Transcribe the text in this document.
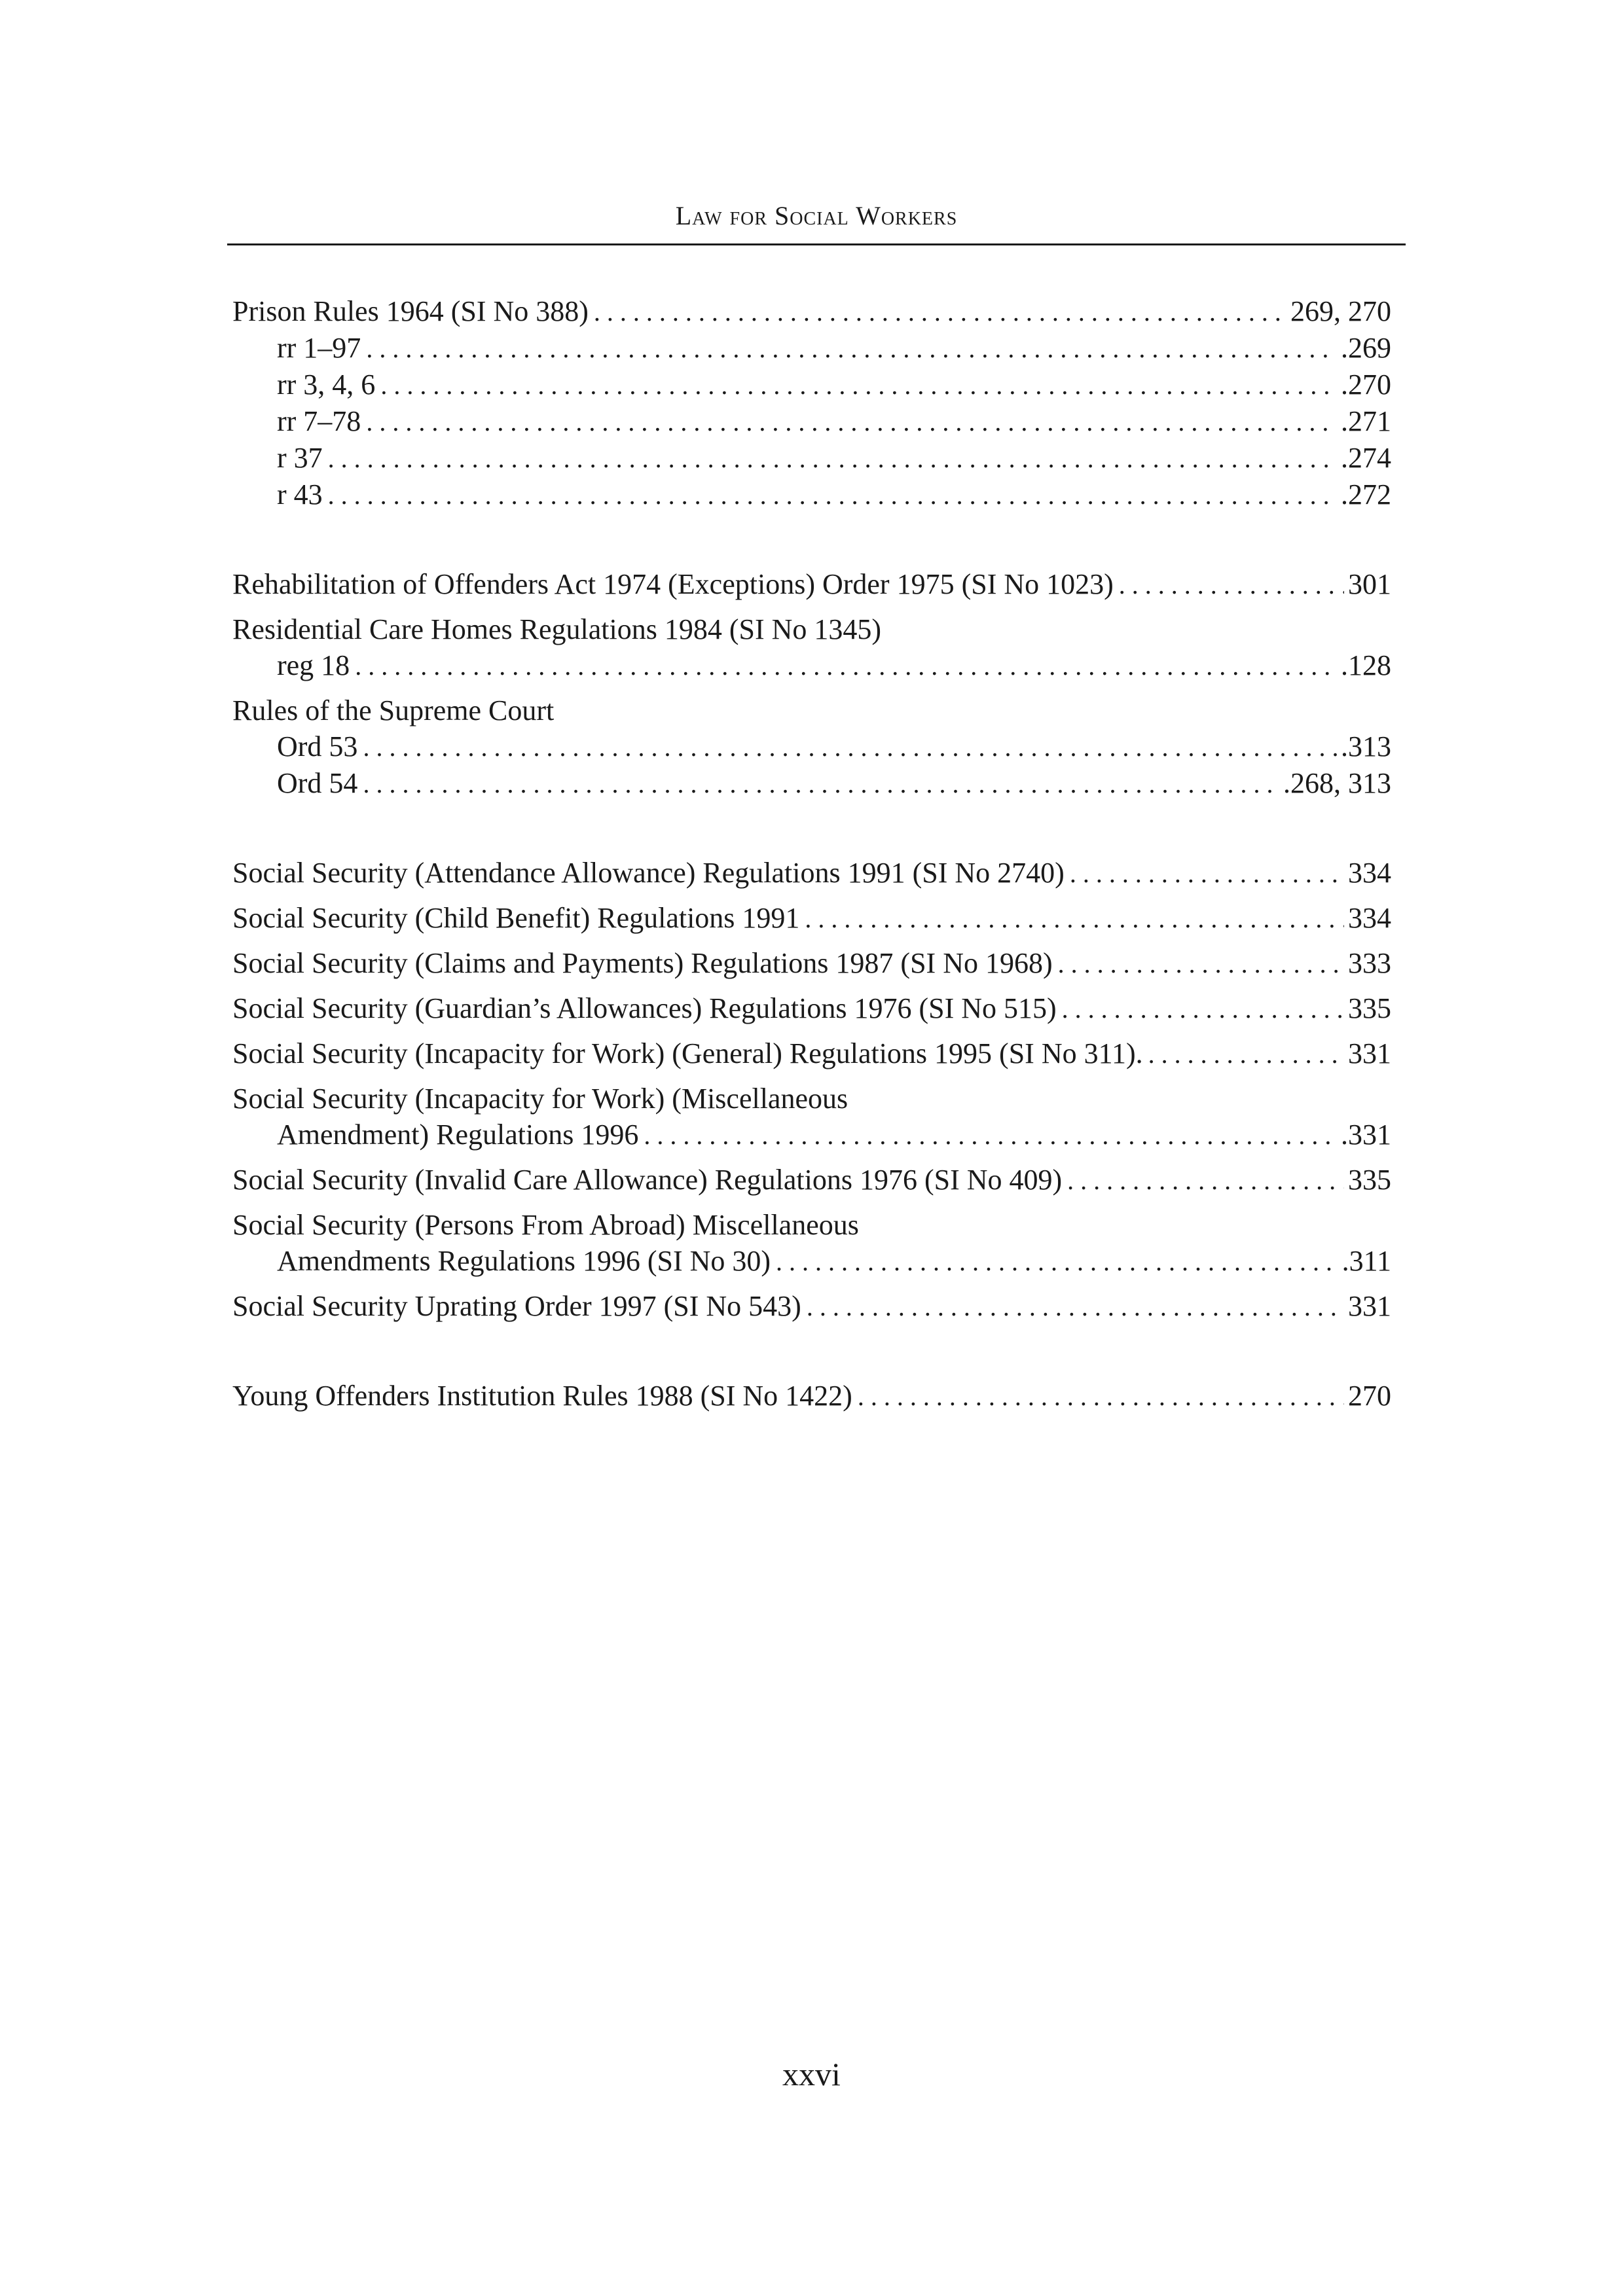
Law for Social Workers
Prison Rules 1964 (SI No 388) . . .	269, 270
rr 1–97 . . .	.269
rr 3, 4, 6 . . .	.270
rr 7–78 . . .	.271
r 37 . . .	.274
r 43 . . .	.272
Rehabilitation of Offenders Act 1974 (Exceptions) Order 1975 (SI No 1023) . . .	301
Residential Care Homes Regulations 1984 (SI No 1345)
reg 18 . . .	.128
Rules of the Supreme Court
Ord 53 . . .	.313
Ord 54 . . .	.268, 313
Social Security (Attendance Allowance) Regulations 1991 (SI No 2740) . . .	334
Social Security (Child Benefit) Regulations 1991 . . .	334
Social Security (Claims and Payments) Regulations 1987 (SI No 1968) . . .	333
Social Security (Guardian’s Allowances) Regulations 1976 (SI No 515) . . .	335
Social Security (Incapacity for Work) (General) Regulations 1995 (SI No 311). . . .	331
Social Security (Incapacity for Work) (Miscellaneous
Amendment) Regulations 1996 . . .	.331
Social Security (Invalid Care Allowance) Regulations 1976 (SI No 409) . . .	335
Social Security (Persons From Abroad) Miscellaneous
Amendments Regulations 1996 (SI No 30) . . .	.311
Social Security Uprating Order 1997 (SI No 543) . . .	331
Young Offenders Institution Rules 1988 (SI No 1422) . . .	270
xxvi
